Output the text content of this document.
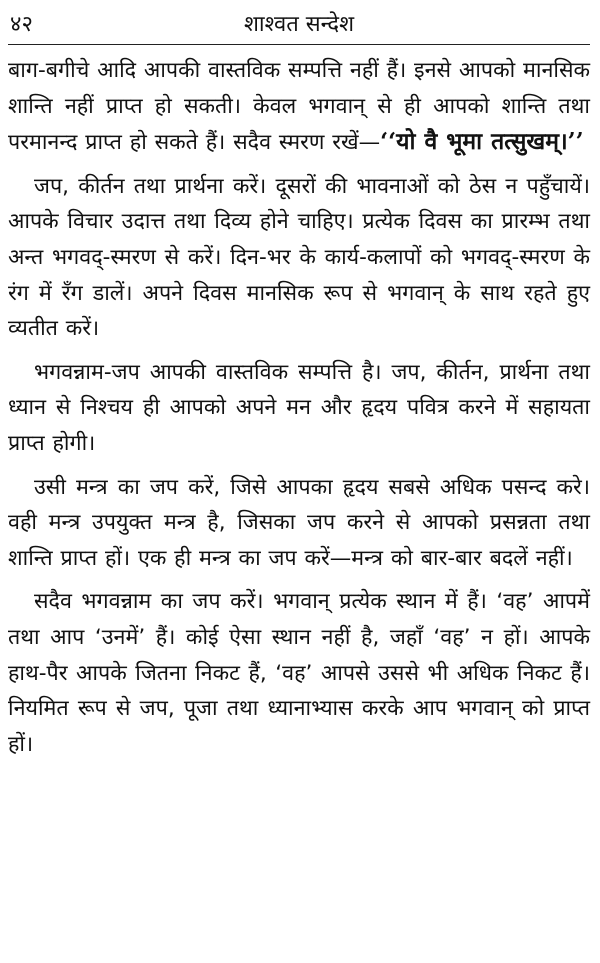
४२	शाश्वत सन्देश

बाग-बगीचे आदि आपकी वास्तविक सम्पत्ति नहीं हैं। इनसे आपको मानसिक शान्ति नहीं प्राप्त हो सकती। केवल भगवान् से ही आपको शान्ति तथा परमानन्द प्राप्त हो सकते हैं। सदैव स्मरण रखें—‘‘यो वै भूमा तत्सुखम्।’’

जप, कीर्तन तथा प्रार्थना करें। दूसरों की भावनाओं को ठेस न पहुँचायें। आपके विचार उदात्त तथा दिव्य होने चाहिए। प्रत्येक दिवस का प्रारम्भ तथा अन्त भगवद्-स्मरण से करें। दिन-भर के कार्य-कलापों को भगवद्-स्मरण के रंग में रँग डालें। अपने दिवस मानसिक रूप से भगवान् के साथ रहते हुए व्यतीत करें।

भगवन्नाम-जप आपकी वास्तविक सम्पत्ति है। जप, कीर्तन, प्रार्थना तथा ध्यान से निश्चय ही आपको अपने मन और हृदय पवित्र करने में सहायता प्राप्त होगी।

उसी मन्त्र का जप करें, जिसे आपका हृदय सबसे अधिक पसन्द करे। वही मन्त्र उपयुक्त मन्त्र है, जिसका जप करने से आपको प्रसन्नता तथा शान्ति प्राप्त हों। एक ही मन्त्र का जप करें—मन्त्र को बार-बार बदलें नहीं।

सदैव भगवन्नाम का जप करें। भगवान् प्रत्येक स्थान में हैं। ‘वह’ आपमें तथा आप ‘उनमें’ हैं। कोई ऐसा स्थान नहीं है, जहाँ ‘वह’ न हों। आपके हाथ-पैर आपके जितना निकट हैं, ‘वह’ आपसे उससे भी अधिक निकट हैं। नियमित रूप से जप, पूजा तथा ध्यानाभ्यास करके आप भगवान् को प्राप्त हों।
